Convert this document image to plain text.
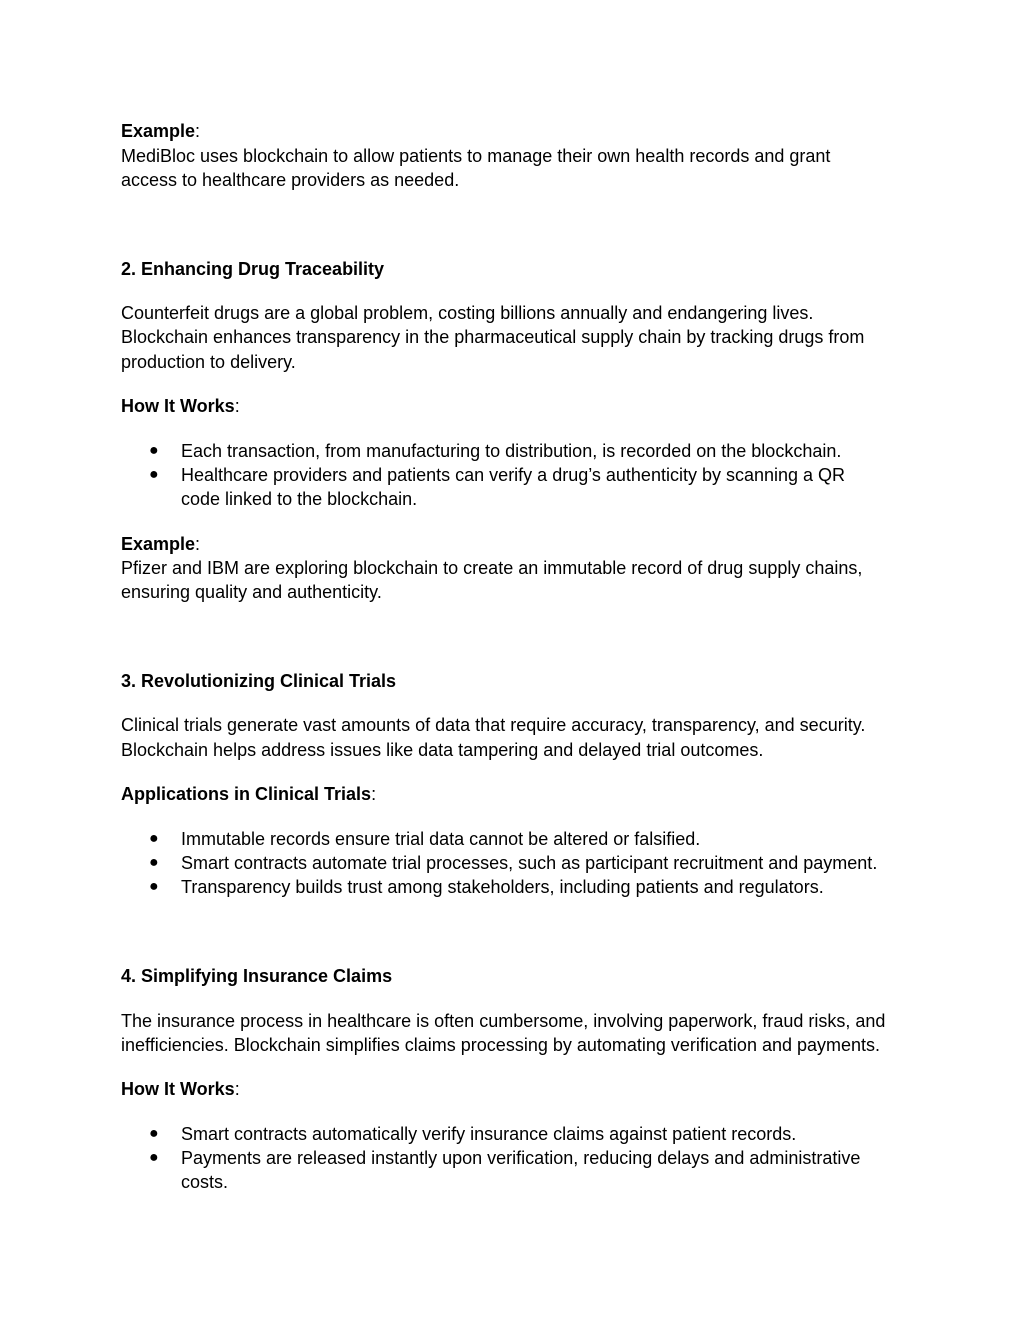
Example:
MediBloc uses blockchain to allow patients to manage their own health records and grant
access to healthcare providers as needed.
2. Enhancing Drug Traceability
Counterfeit drugs are a global problem, costing billions annually and endangering lives.
Blockchain enhances transparency in the pharmaceutical supply chain by tracking drugs from
production to delivery.
How It Works:
● Each transaction, from manufacturing to distribution, is recorded on the blockchain.
● Healthcare providers and patients can verify a drug’s authenticity by scanning a QR
code linked to the blockchain.
Example:
Pfizer and IBM are exploring blockchain to create an immutable record of drug supply chains,
ensuring quality and authenticity.
3. Revolutionizing Clinical Trials
Clinical trials generate vast amounts of data that require accuracy, transparency, and security.
Blockchain helps address issues like data tampering and delayed trial outcomes.
Applications in Clinical Trials:
● Immutable records ensure trial data cannot be altered or falsified.
● Smart contracts automate trial processes, such as participant recruitment and payment.
● Transparency builds trust among stakeholders, including patients and regulators.
4. Simplifying Insurance Claims
The insurance process in healthcare is often cumbersome, involving paperwork, fraud risks, and
inefficiencies. Blockchain simplifies claims processing by automating verification and payments.
How It Works:
● Smart contracts automatically verify insurance claims against patient records.
● Payments are released instantly upon verification, reducing delays and administrative
costs.
